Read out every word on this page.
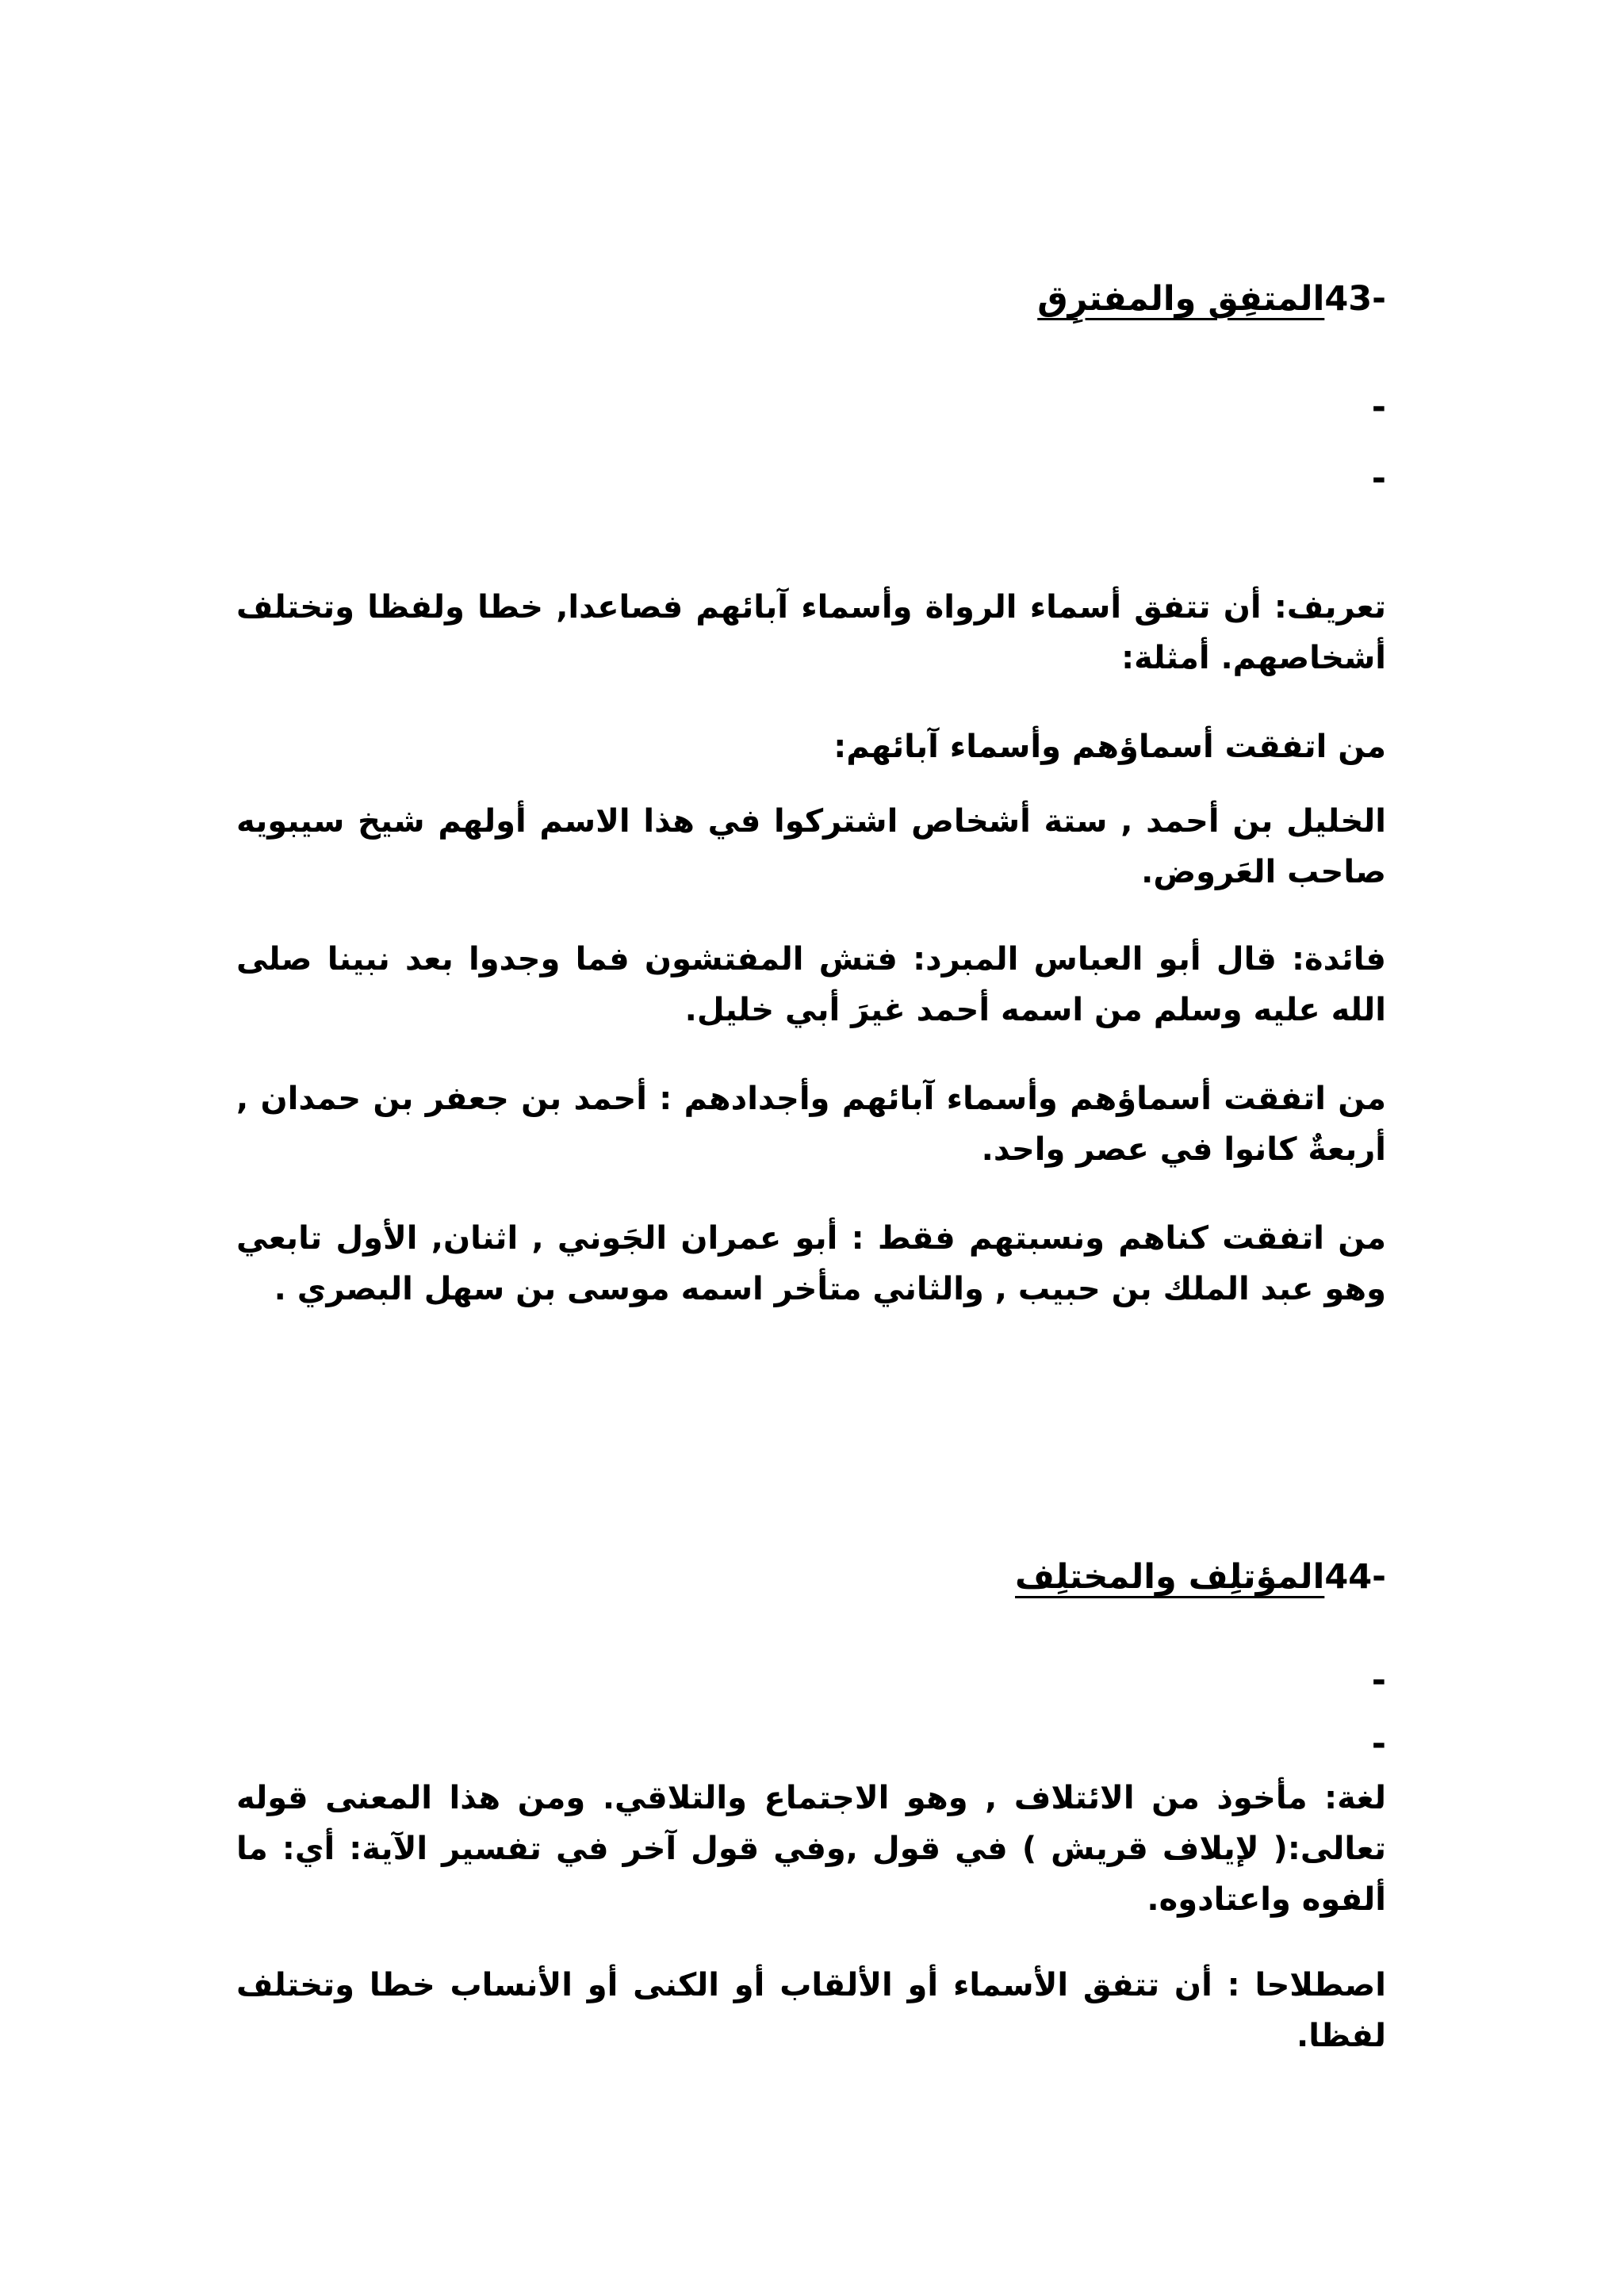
43-المتفِق والمفترِق
-
-
تعريف: أن تتفق أسماء الرواة وأسماء آبائهم فصاعدا, خطا ولفظا وتختلف أشخاصهم. أمثلة:
من اتفقت أسماؤهم وأسماء آبائهم:
الخليل بن أحمد , ستة أشخاص اشتركوا في هذا الاسم أولهم شيخ سيبويه صاحب العَروض.
فائدة: قال أبو العباس المبرد: فتش المفتشون فما وجدوا بعد نبينا صلى الله عليه وسلم من اسمه أحمد غيرَ أبي خليل.
من اتفقت أسماؤهم وأسماء آبائهم وأجدادهم : أحمد بن جعفر بن حمدان , أربعةٌ كانوا في عصر واحد.
من اتفقت كناهم ونسبتهم فقط : أبو عمران الجَوني , اثنان, الأول تابعي وهو عبد الملك بن حبيب , والثاني متأخر اسمه موسى بن سهل البصري .
44-المؤتلِف والمختلِف
-
-
لغة: مأخوذ من الائتلاف , وهو الاجتماع والتلاقي. ومن هذا المعنى قوله تعالى:( لإيلاف قريش ) في قول ,وفي قول آخر في تفسير الآية: أي: ما ألفوه واعتادوه.
اصطلاحا : أن تتفق الأسماء أو الألقاب أو الكنى أو الأنساب خطا وتختلف لفظا.
